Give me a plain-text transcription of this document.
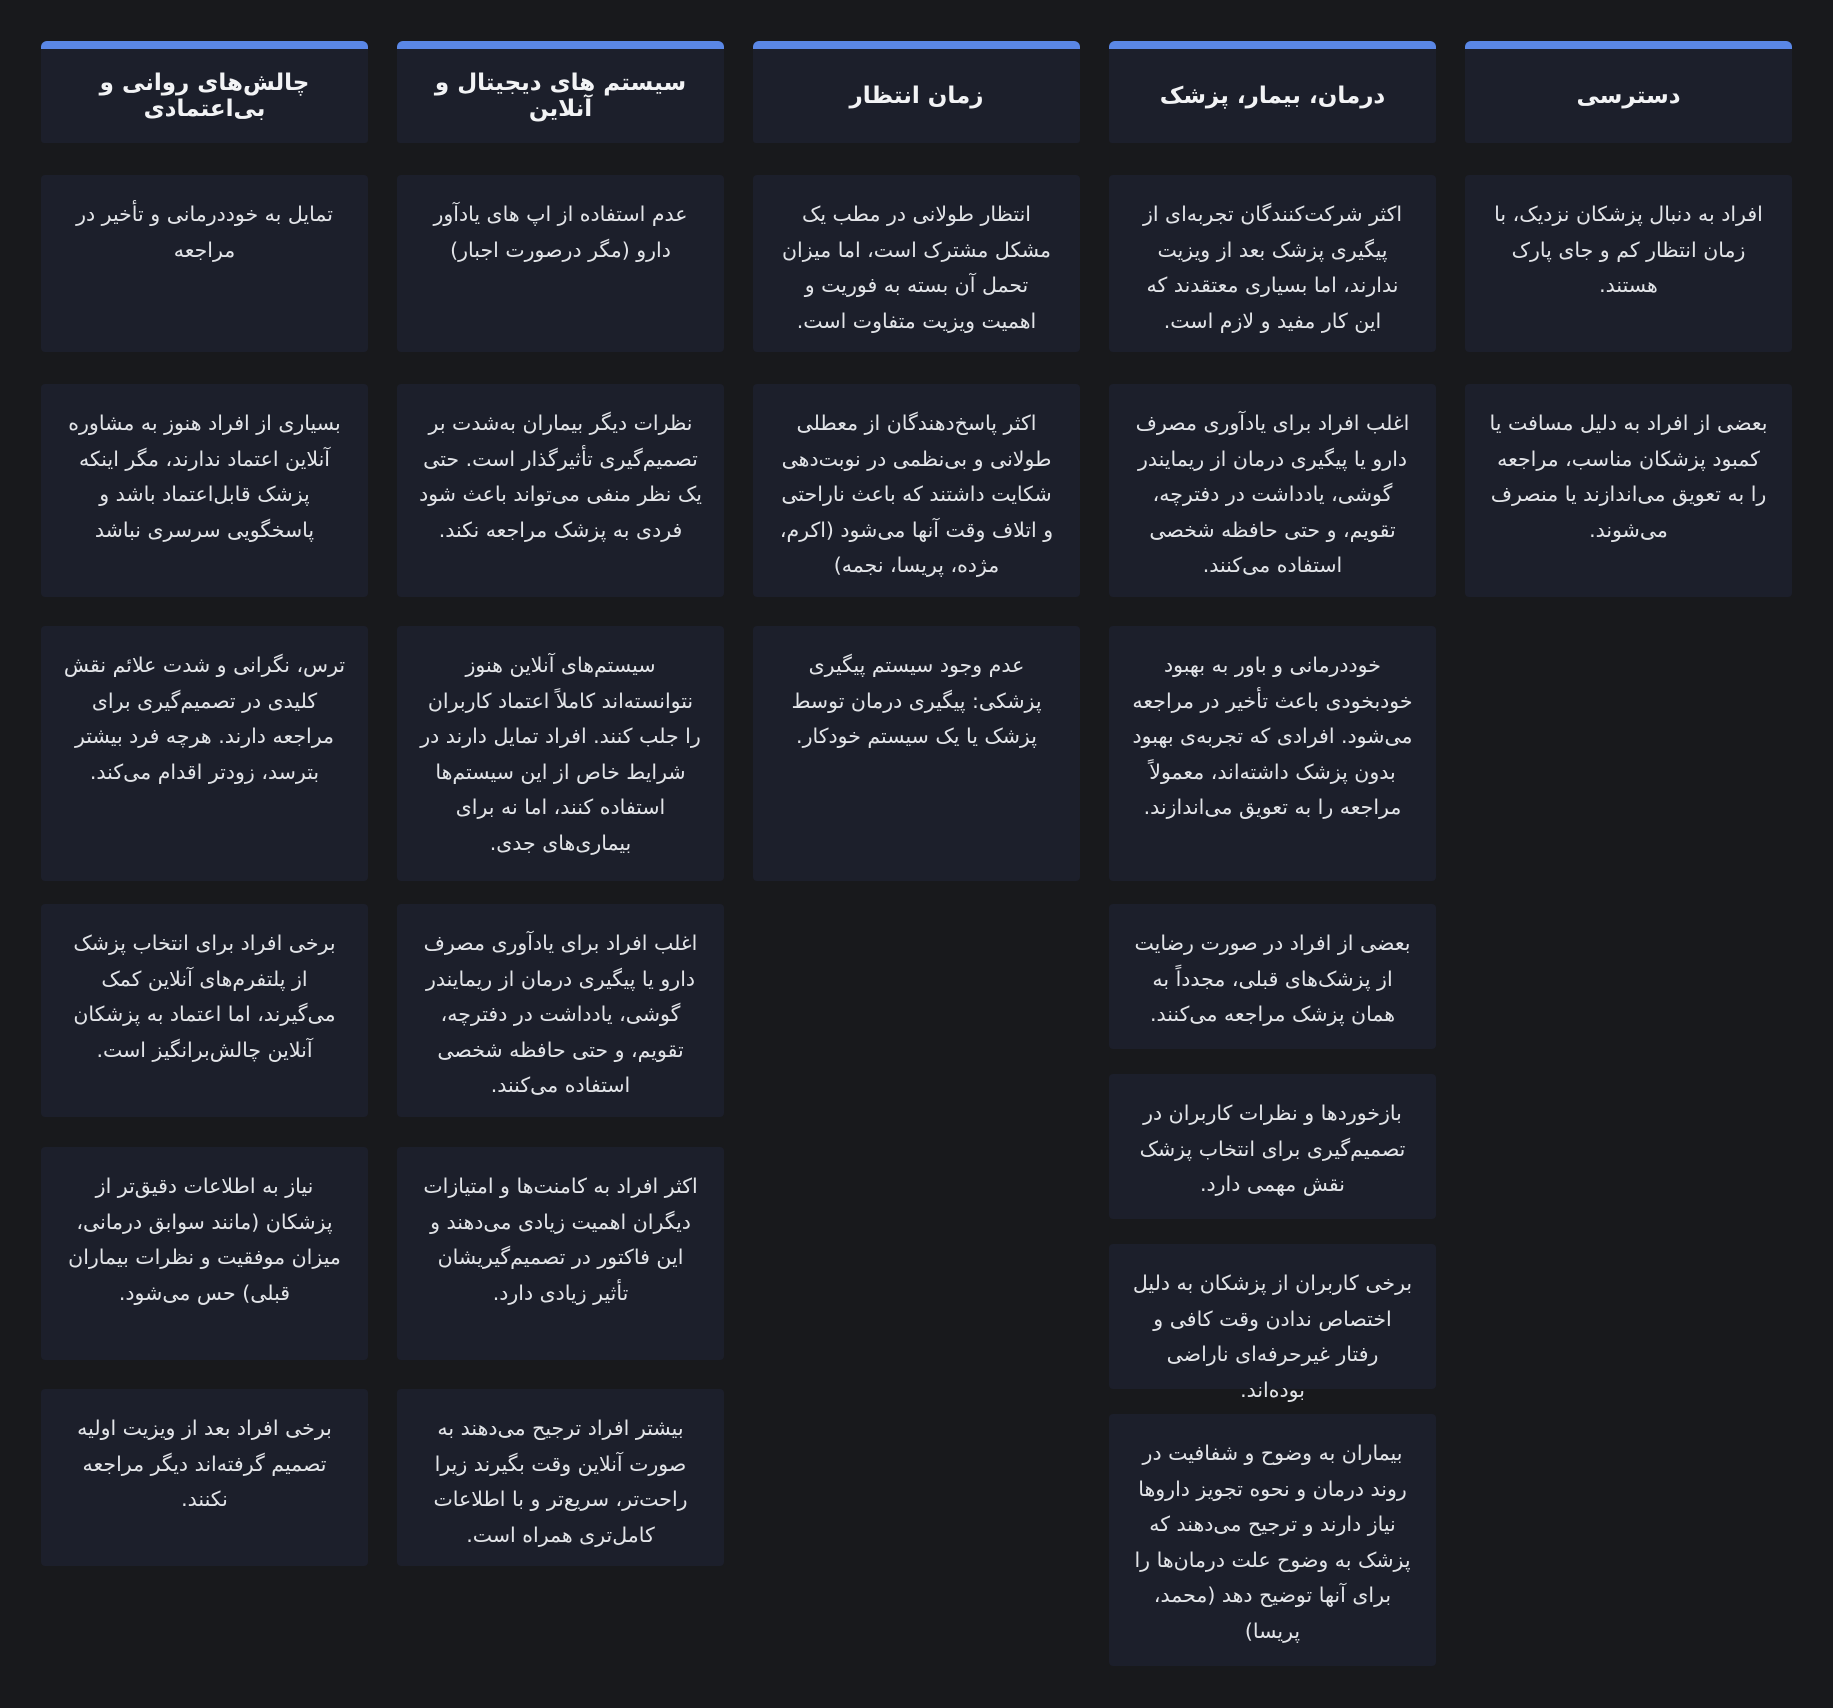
دسترسی
افراد به دنبال پزشکان نزدیک، با زمان انتظار کم و جای پارک هستند.
بعضی از افراد به دلیل مسافت یا کمبود پزشکان مناسب، مراجعه را به تعویق می‌اندازند یا منصرف می‌شوند.
درمان، بیمار، پزشک
اکثر شرکت‌کنندگان تجربه‌ای از پیگیری پزشک بعد از ویزیت ندارند، اما بسیاری معتقدند که این کار مفید و لازم است.
اغلب افراد برای یادآوری مصرف دارو یا پیگیری درمان از ریمایندر گوشی، یادداشت در دفترچه، تقویم، و حتی حافظه شخصی استفاده می‌کنند.
خوددرمانی و باور به بهبود خودبخودی باعث تأخیر در مراجعه می‌شود. افرادی که تجربه‌ی بهبود بدون پزشک داشته‌اند، معمولاً مراجعه را به تعویق می‌اندازند.
بعضی از افراد در صورت رضایت از پزشک‌های قبلی، مجدداً به همان پزشک مراجعه می‌کنند.
بازخوردها و نظرات کاربران در تصمیم‌گیری برای انتخاب پزشک نقش مهمی دارد.
برخی کاربران از پزشکان به دلیل اختصاص ندادن وقت کافی و رفتار غیرحرفه‌ای ناراضی بوده‌اند.
بیماران به وضوح و شفافیت در روند درمان و نحوه تجویز داروها نیاز دارند و ترجیح می‌دهند که پزشک به وضوح علت درمان‌ها را برای آنها توضیح دهد (محمد، پریسا)
زمان انتظار
انتظار طولانی در مطب یک مشکل مشترک است، اما میزان تحمل آن بسته به فوریت و اهمیت ویزیت متفاوت است.
اکثر پاسخ‌دهندگان از معطلی طولانی و بی‌نظمی در نوبت‌دهی شکایت داشتند که باعث ناراحتی و اتلاف وقت آنها می‌شود (اکرم، مژده، پریسا، نجمه)
عدم وجود سیستم پیگیری پزشکی: پیگیری درمان توسط پزشک یا یک سیستم خودکار.
سیستم های دیجیتال و آنلاین
عدم استفاده از اپ های یادآور دارو (مگر درصورت اجبار)
نظرات دیگر بیماران به‌شدت بر تصمیم‌گیری تأثیرگذار است. حتی یک نظر منفی می‌تواند باعث شود فردی به پزشک مراجعه نکند.
سیستم‌های آنلاین هنوز نتوانسته‌اند کاملاً اعتماد کاربران را جلب کنند. افراد تمایل دارند در شرایط خاص از این سیستم‌ها استفاده کنند، اما نه برای بیماری‌های جدی.
اغلب افراد برای یادآوری مصرف دارو یا پیگیری درمان از ریمایندر گوشی، یادداشت در دفترچه، تقویم، و حتی حافظه شخصی استفاده می‌کنند.
اکثر افراد به کامنت‌ها و امتیازات دیگران اهمیت زیادی می‌دهند و این فاکتور در تصمیم‌گیریشان تأثیر زیادی دارد.
بیشتر افراد ترجیح می‌دهند به صورت آنلاین وقت بگیرند زیرا راحت‌تر، سریع‌تر و با اطلاعات کامل‌تری همراه است.
چالش‌های روانی و بی‌اعتمادی
تمایل به خوددرمانی و تأخیر در مراجعه
بسیاری از افراد هنوز به مشاوره آنلاین اعتماد ندارند، مگر اینکه پزشک قابل‌اعتماد باشد و پاسخگویی سرسری نباشد
ترس، نگرانی و شدت علائم نقش کلیدی در تصمیم‌گیری برای مراجعه دارند. هرچه فرد بیشتر بترسد، زودتر اقدام می‌کند.
برخی افراد برای انتخاب پزشک از پلتفرم‌های آنلاین کمک می‌گیرند، اما اعتماد به پزشکان آنلاین چالش‌برانگیز است.
نیاز به اطلاعات دقیق‌تر از پزشکان (مانند سوابق درمانی، میزان موفقیت و نظرات بیماران قبلی) حس می‌شود.
برخی افراد بعد از ویزیت اولیه تصمیم گرفته‌اند دیگر مراجعه نکنند.
